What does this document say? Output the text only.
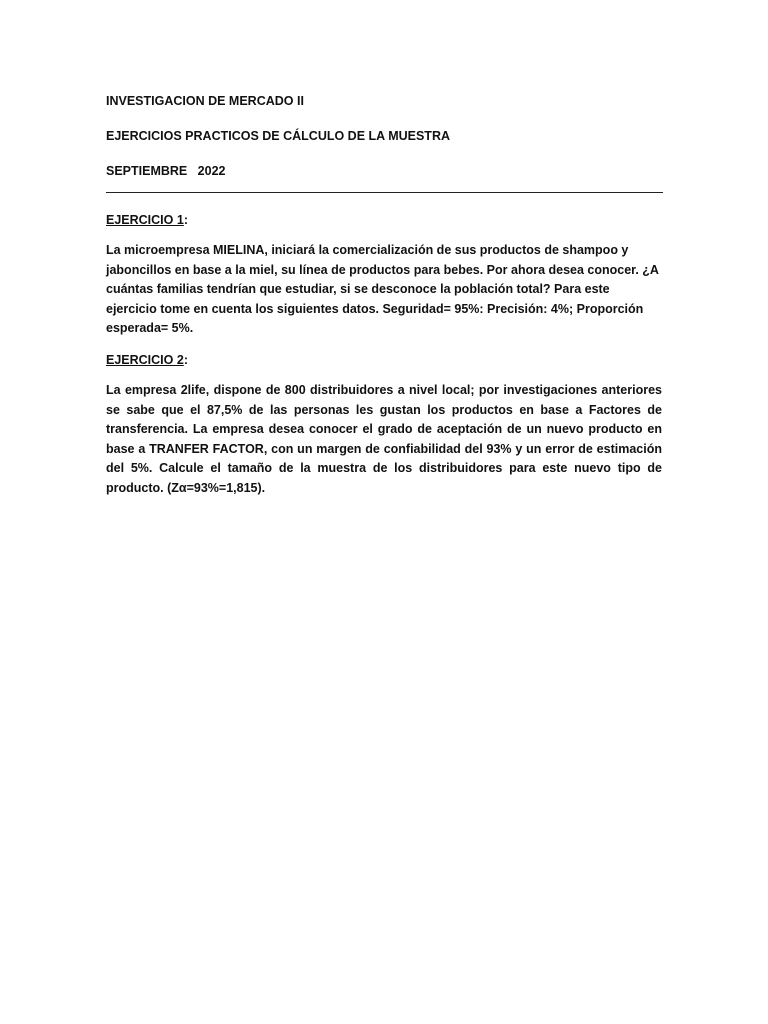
INVESTIGACION DE MERCADO II

EJERCICIOS PRACTICOS DE CÁLCULO DE LA MUESTRA

SEPTIEMBRE   2022

EJERCICIO 1:

La microempresa MIELINA, iniciará la comercialización de sus productos de shampoo y jaboncillos en base a la miel, su línea de productos para bebes. Por ahora desea conocer. ¿A cuántas familias tendrían que estudiar, si se desconoce la población total? Para este ejercicio tome en cuenta los siguientes datos. Seguridad= 95%: Precisión: 4%; Proporción esperada= 5%.

EJERCICIO 2:

La empresa 2life, dispone de 800 distribuidores a nivel local; por investigaciones anteriores se sabe que el 87,5% de las personas les gustan los productos en base a Factores de transferencia. La empresa desea conocer el grado de aceptación de un nuevo producto en base a TRANFER FACTOR, con un margen de confiabilidad del 93% y un error de estimación del 5%. Calcule el tamaño de la muestra de los distribuidores para este nuevo tipo de producto. (Zα=93%=1,815).
